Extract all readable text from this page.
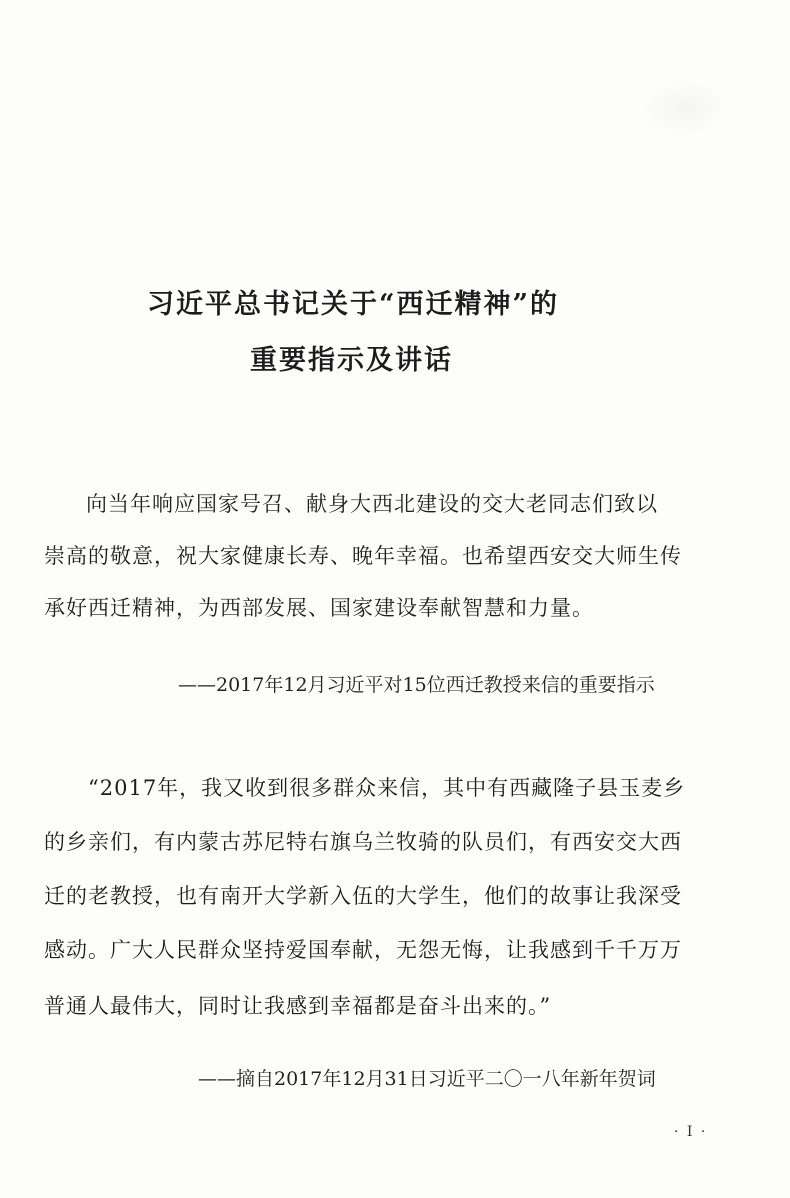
习近平总书记关于“西迁精神”的
重要指示及讲话
向当年响应国家号召、献身大西北建设的交大老同志们致以
崇高的敬意，祝大家健康长寿、晚年幸福。也希望西安交大师生传
承好西迁精神，为西部发展、国家建设奉献智慧和力量。
——2017年12月习近平对15位西迁教授来信的重要指示
“2017年，我又收到很多群众来信，其中有西藏隆子县玉麦乡
的乡亲们，有内蒙古苏尼特右旗乌兰牧骑的队员们，有西安交大西
迁的老教授，也有南开大学新入伍的大学生，他们的故事让我深受
感动。广大人民群众坚持爱国奉献，无怨无悔，让我感到千千万万
普通人最伟大，同时让我感到幸福都是奋斗出来的。”
——摘自2017年12月31日习近平二〇一八年新年贺词
· I ·
